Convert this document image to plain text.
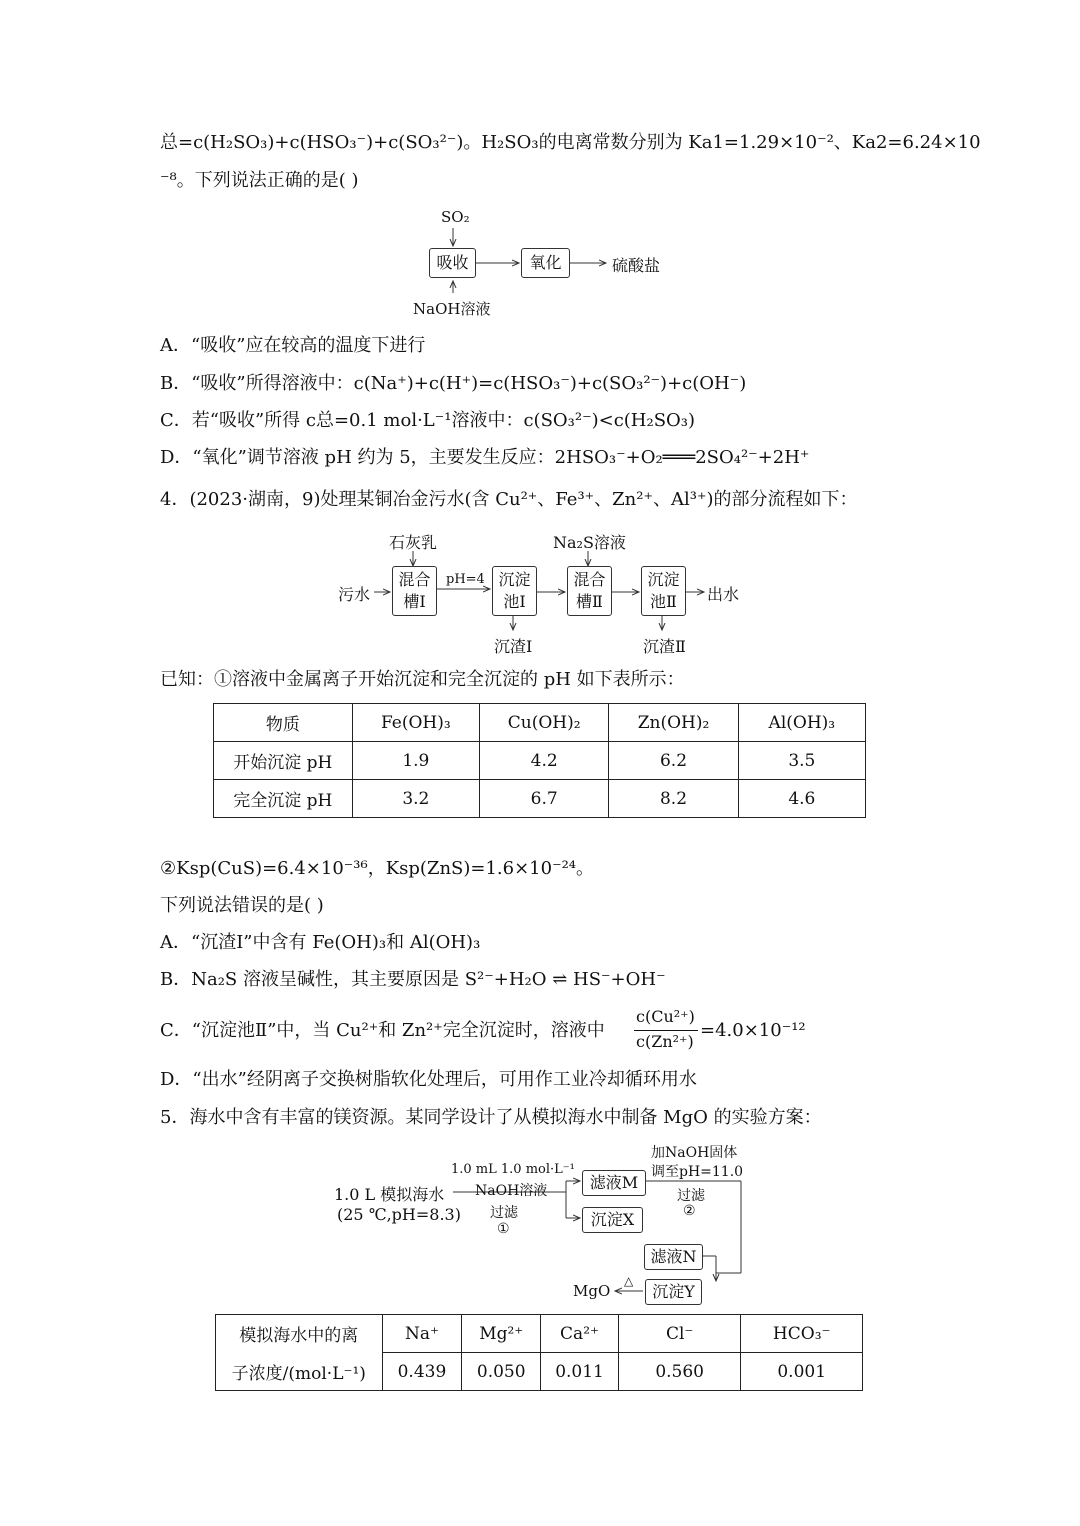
总=c(H₂SO₃)+c(HSO₃⁻)+c(SO₃²⁻)。H₂SO₃的电离常数分别为 Ka1=1.29×10⁻²、Ka2=6.24×10
⁻⁸。下列说法正确的是( )
SO₂
吸收	氧化	硫酸盐
NaOH溶液
A．“吸收”应在较高的温度下进行
B．“吸收”所得溶液中：c(Na⁺)+c(H⁺)=c(HSO₃⁻)+c(SO₃²⁻)+c(OH⁻)
C．若“吸收”所得 c总=0.1 mol·L⁻¹溶液中：c(SO₃²⁻)<c(H₂SO₃)
D．“氧化”调节溶液 pH 约为 5，主要发生反应：2HSO₃⁻+O₂═══2SO₄²⁻+2H⁺
4．(2023·湖南，9)处理某铜冶金污水(含 Cu²⁺、Fe³⁺、Zn²⁺、Al³⁺)的部分流程如下：
石灰乳	Na₂S溶液
污水
混合
槽Ⅰ
pH=4 沉淀
池Ⅰ
混合
槽Ⅱ
沉淀
池Ⅱ	出水
沉渣Ⅰ	沉渣Ⅱ
已知：①溶液中金属离子开始沉淀和完全沉淀的 pH 如下表所示：
物质	Fe(OH)₃	Cu(OH)₂	Zn(OH)₂	Al(OH)₃
开始沉淀 pH	1.9	4.2	6.2	3.5
完全沉淀 pH	3.2	6.7	8.2	4.6
②Ksp(CuS)=6.4×10⁻³⁶，Ksp(ZnS)=1.6×10⁻²⁴。
下列说法错误的是( )
A．“沉渣Ⅰ”中含有 Fe(OH)₃和 Al(OH)₃
B．Na₂S 溶液呈碱性，其主要原因是 S²⁻+H₂O ⇌ HS⁻+OH⁻
C．“沉淀池Ⅱ”中，当 Cu²⁺和 Zn²⁺完全沉淀时，溶液中
c(Cu²⁺)
c(Zn²⁺)
=4.0×10⁻¹²
D．“出水”经阴离子交换树脂软化处理后，可用作工业冷却循环用水
5．海水中含有丰富的镁资源。某同学设计了从模拟海水中制备 MgO 的实验方案：
1.0 L 模拟海水
(25 ℃,pH=8.3)
1.0 mL 1.0 mol·L⁻¹
NaOH溶液
过滤
①
滤液M
沉淀X
加NaOH固体
调至pH=11.0
过滤
②
滤液N
沉淀Y
MgO
△
模拟海水中的离	Na⁺	Mg²⁺	Ca²⁺	Cl⁻	HCO₃⁻
子浓度/(mol·L⁻¹)	0.439	0.050	0.011	0.560	0.001
